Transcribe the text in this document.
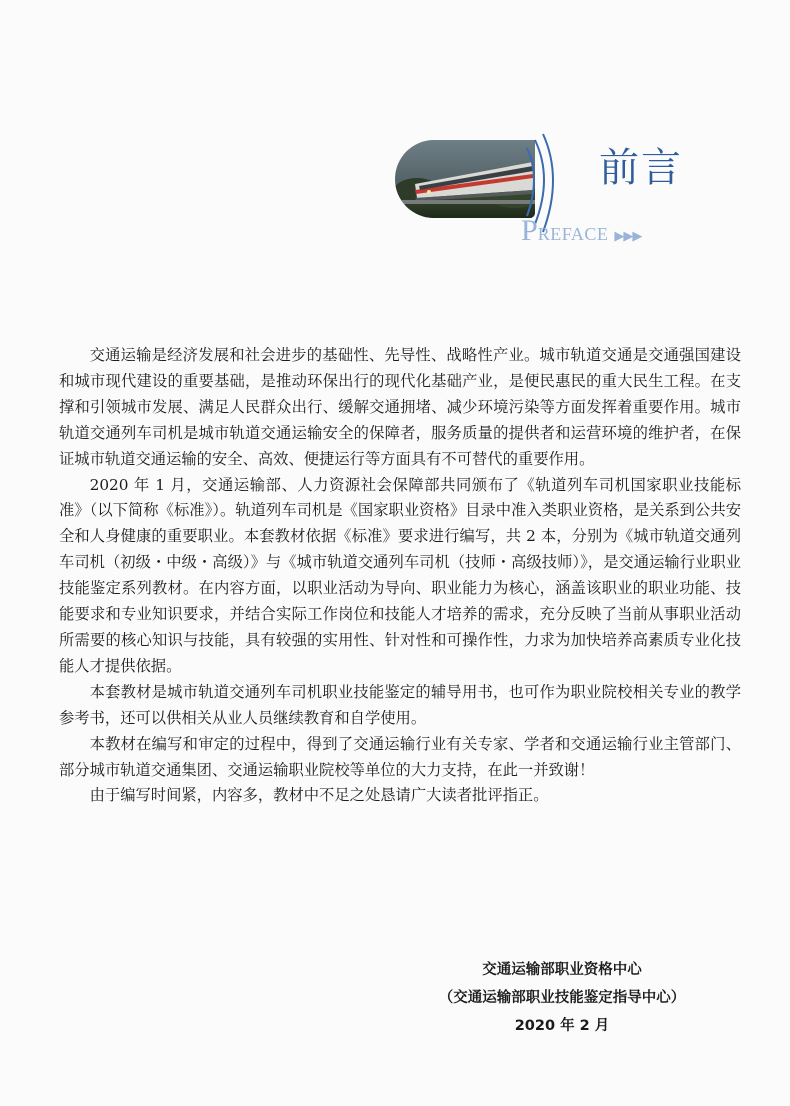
前言
PREFACE ▶▶▶

交通运输是经济发展和社会进步的基础性、先导性、战略性产业。城市轨道交通是交通强国建设和城市现代建设的重要基础，是推动环保出行的现代化基础产业，是便民惠民的重大民生工程。在支撑和引领城市发展、满足人民群众出行、缓解交通拥堵、减少环境污染等方面发挥着重要作用。城市轨道交通列车司机是城市轨道交通运输安全的保障者，服务质量的提供者和运营环境的维护者，在保证城市轨道交通运输的安全、高效、便捷运行等方面具有不可替代的重要作用。

2020 年 1 月，交通运输部、人力资源社会保障部共同颁布了《轨道列车司机国家职业技能标准》（以下简称《标准》）。轨道列车司机是《国家职业资格》目录中准入类职业资格，是关系到公共安全和人身健康的重要职业。本套教材依据《标准》要求进行编写，共 2 本，分别为《城市轨道交通列车司机（初级・中级・高级）》与《城市轨道交通列车司机（技师・高级技师）》，是交通运输行业职业技能鉴定系列教材。在内容方面，以职业活动为导向、职业能力为核心，涵盖该职业的职业功能、技能要求和专业知识要求，并结合实际工作岗位和技能人才培养的需求，充分反映了当前从事职业活动所需要的核心知识与技能，具有较强的实用性、针对性和可操作性，力求为加快培养高素质专业化技能人才提供依据。

本套教材是城市轨道交通列车司机职业技能鉴定的辅导用书，也可作为职业院校相关专业的教学参考书，还可以供相关从业人员继续教育和自学使用。

本教材在编写和审定的过程中，得到了交通运输行业有关专家、学者和交通运输行业主管部门、部分城市轨道交通集团、交通运输职业院校等单位的大力支持，在此一并致谢！

由于编写时间紧，内容多，教材中不足之处恳请广大读者批评指正。

交通运输部职业资格中心
（交通运输部职业技能鉴定指导中心）
2020 年 2 月
